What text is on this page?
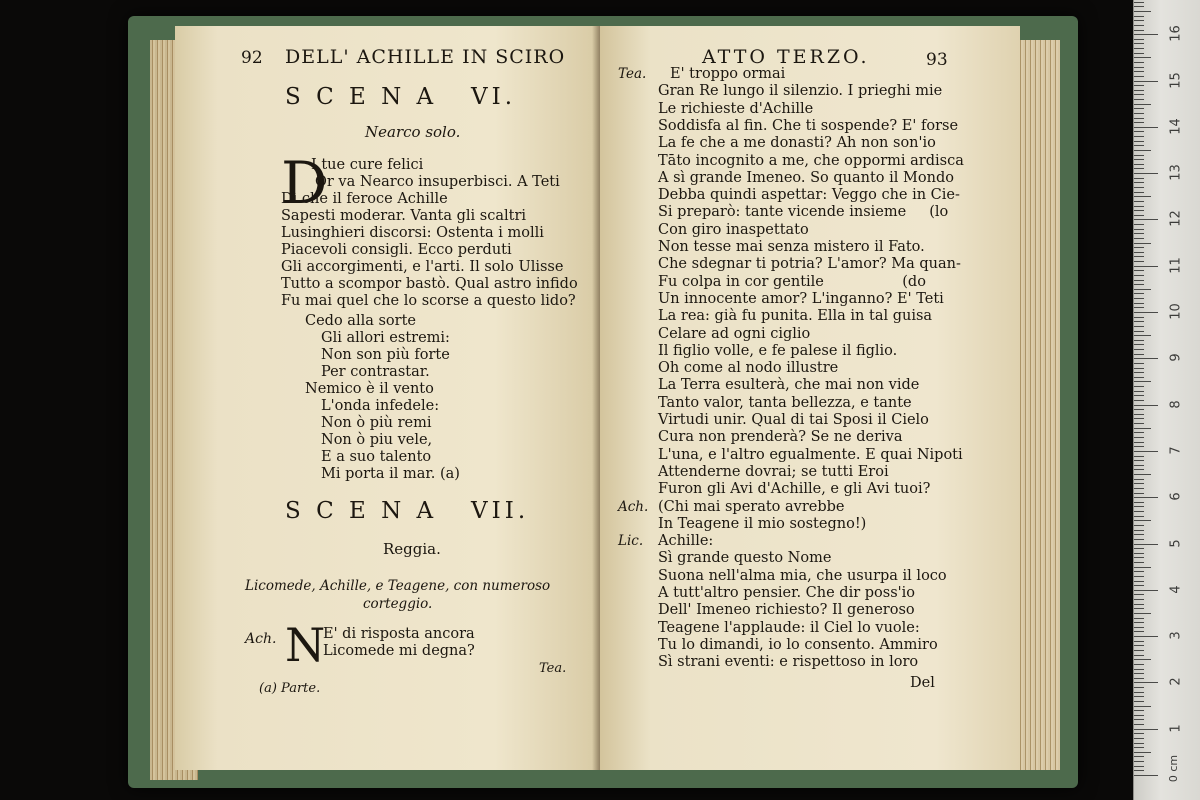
92 DELL' ACHILLE IN SCIRO
S C E N A   VI.
Nearco solo.
D
I tue cure felici
Or va Nearco insuperbisci. A Teti
Dì che il feroce Achille
Sapesti moderar. Vanta gli scaltri
Lusinghieri discorsi: Ostenta i molli
Piacevoli consigli. Ecco perduti
Gli accorgimenti, e l'arti. Il solo Ulisse
Tutto a scompor bastò. Qual astro infido
Fu mai quel che lo scorse a questo lido?
Cedo alla sorte
Gli allori estremi:
Non son più forte
Per contrastar.
Nemico è il vento
L'onda infedele:
Non ò più remi
Non ò piu vele,
E a suo talento
Mi porta il mar. (a)
S C E N A   VII.
Reggia.
Licomede, Achille, e Teagene, con numeroso
corteggio.
Ach. N
E' di risposta ancora
Licomede mi degna?
Tea.
(a) Parte.
ATTO TERZO.	93
Tea. E' troppo ormai
Gran Re lungo il silenzio. I prieghi mie
Le richieste d'Achille
Soddisfa al fin. Che ti sospende? E' forse
La fe che a me donasti? Ah non son'io
Tāto incognito a me, che oppormi ardisca
A sì grande Imeneo. So quanto il Mondo
Debba quindi aspettar: Veggo che in Cie-
Si preparò: tante vicende insieme     (lo
Con giro inaspettato
Non tesse mai senza mistero il Fato.
Che sdegnar ti potria? L'amor? Ma quan-
Fu colpa in cor gentile                 (do
Un innocente amor? L'inganno? E' Teti
La rea: già fu punita. Ella in tal guisa
Celare ad ogni ciglio
Il figlio volle, e fe palese il figlio.
Oh come al nodo illustre
La Terra esulterà, che mai non vide
Tanto valor, tanta bellezza, e tante
Virtudi unir. Qual di tai Sposi il Cielo
Cura non prenderà? Se ne deriva
L'una, e l'altro egualmente. E quai Nipoti
Attenderne dovrai; se tutti Eroi
Furon gli Avi d'Achille, e gli Avi tuoi?
Ach. (Chi mai sperato avrebbe
In Teagene il mio sostegno!)
Lic. Achille:
Sì grande questo Nome
Suona nell'alma mia, che usurpa il loco
A tutt'altro pensier. Che dir poss'io
Dell' Imeneo richiesto? Il generoso
Teagene l'applaude: il Ciel lo vuole:
Tu lo dimandi, io lo consento. Ammiro
Sì strani eventi: e rispettoso in loro
Del
0 cm
16
15
14
13
12
11
10
9
8
7
6
5
4
3
2
1
